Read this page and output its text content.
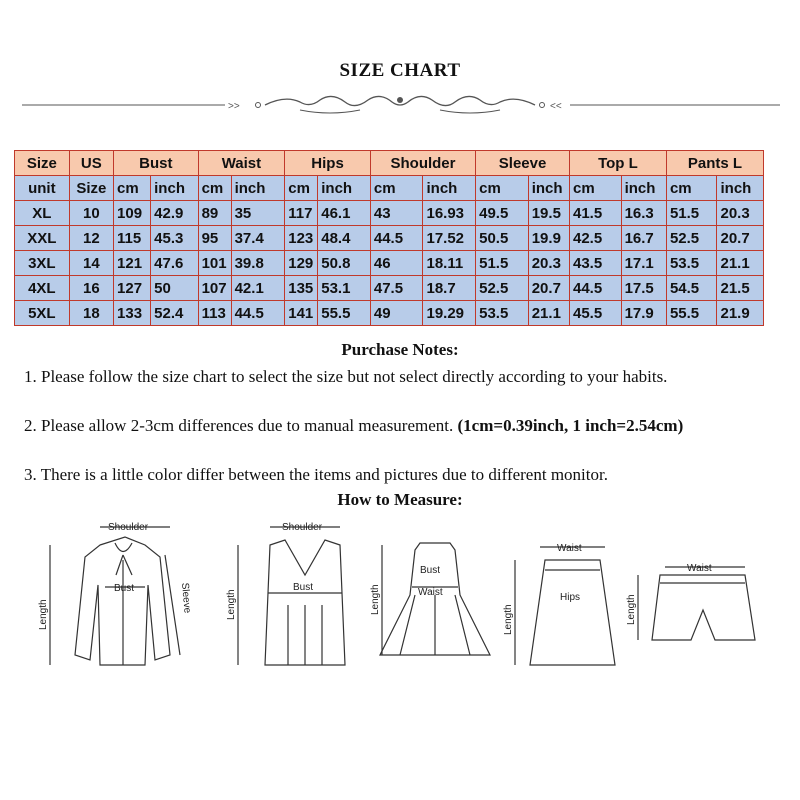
SIZE CHART
>>	<<
Size	US	Bust		Waist		Hips		Shoulder		Sleeve		Top L		Pants L	
unit	Size	cm	inch	cm	inch	cm	inch	cm	inch	cm	inch	cm	inch	cm	inch
XL	10	109	42.9	89	35	117	46.1	43	16.93	49.5	19.5	41.5	16.3	51.5	20.3
XXL	12	115	45.3	95	37.4	123	48.4	44.5	17.52	50.5	19.9	42.5	16.7	52.5	20.7
3XL	14	121	47.6	101	39.8	129	50.8	46	18.11	51.5	20.3	43.5	17.1	53.5	21.1
4XL	16	127	50	107	42.1	135	53.1	47.5	18.7	52.5	20.7	44.5	17.5	54.5	21.5
5XL	18	133	52.4	113	44.5	141	55.5	49	19.29	53.5	21.1	45.5	17.9	55.5	21.9
Purchase Notes:
1. Please follow the size chart to select the size but not select directly according to your habits.
2. Please allow 2-3cm differences due to manual measurement. (1cm=0.39inch, 1 inch=2.54cm)
3. There is a little color differ between the items and pictures due to different monitor.
How to Measure:
Shoulder
Bust
Length
Sleeve
Shoulder
Bust
Length
Bust
Waist
Length
Waist
Hips
Length
Waist
Length
